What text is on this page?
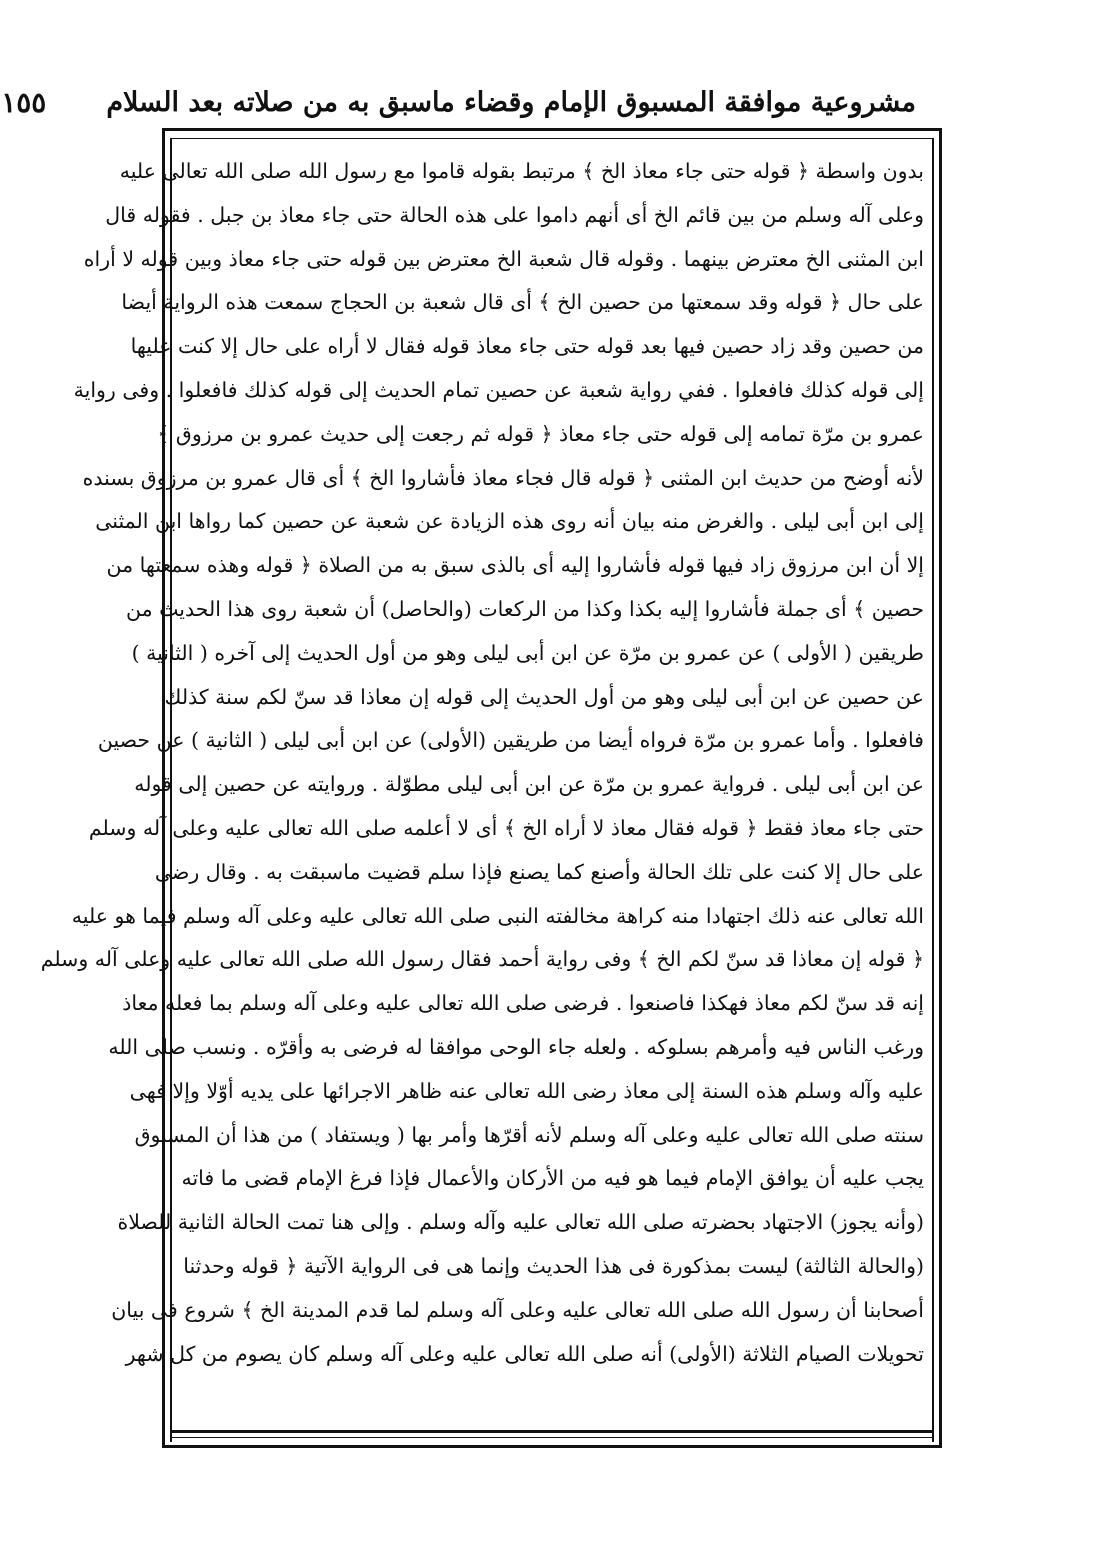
مشروعية موافقة المسبوق الإمام وقضاء ماسبق به من صلاته بعد السلام
١٥٥
بدون واسطة ﴿ قوله حتى جاء معاذ الخ ﴾ مرتبط بقوله قاموا مع رسول الله صلى الله تعالى عليه
وعلى آله وسلم من بين قائم الخ أى أنهم داموا على هذه الحالة حتى جاء معاذ بن جبل . فقوله قال
ابن المثنى الخ معترض بينهما . وقوله قال شعبة الخ معترض بين قوله حتى جاء معاذ وبين قوله لا أراه
على حال ﴿ قوله وقد سمعتها من حصين الخ ﴾ أى قال شعبة بن الحجاج سمعت هذه الرواية أيضا
من حصين وقد زاد حصين فيها بعد قوله حتى جاء معاذ قوله فقال لا أراه على حال إلا كنت عليها
إلى قوله كذلك فافعلوا . ففي رواية شعبة عن حصين تمام الحديث إلى قوله كذلك فافعلوا . وفى رواية
عمرو بن مرّة تمامه إلى قوله حتى جاء معاذ ﴿ قوله ثم رجعت إلى حديث عمرو بن مرزوق ﴾
لأنه أوضح من حديث ابن المثنى ﴿ قوله قال فجاء معاذ فأشاروا الخ ﴾ أى قال عمرو بن مرزوق بسنده
إلى ابن أبى ليلى . والغرض منه بيان أنه روى هذه الزيادة عن شعبة عن حصين كما رواها ابن المثنى
إلا أن ابن مرزوق زاد فيها قوله فأشاروا إليه أى بالذى سبق به من الصلاة ﴿ قوله وهذه سمعتها من
حصين ﴾ أى جملة فأشاروا إليه بكذا وكذا من الركعات (والحاصل) أن شعبة روى هذا الحديث من
طريقين ( الأولى ) عن عمرو بن مرّة عن ابن أبى ليلى وهو من أول الحديث إلى آخره ( الثانية )
عن حصين عن ابن أبى ليلى وهو من أول الحديث إلى قوله إن معاذا قد سنّ لكم سنة كذلك
فافعلوا . وأما عمرو بن مرّة فرواه أيضا من طريقين (الأولى) عن ابن أبى ليلى ( الثانية ) عن حصين
عن ابن أبى ليلى . فرواية عمرو بن مرّة عن ابن أبى ليلى مطوّلة . وروايته عن حصين إلى قوله
حتى جاء معاذ فقط ﴿ قوله فقال معاذ لا أراه الخ ﴾ أى لا أعلمه صلى الله تعالى عليه وعلى آله وسلم
على حال إلا كنت على تلك الحالة وأصنع كما يصنع فإذا سلم قضيت ماسبقت به . وقال رضى
الله تعالى عنه ذلك اجتهادا منه كراهة مخالفته النبى صلى الله تعالى عليه وعلى آله وسلم فيما هو عليه
﴿ قوله إن معاذا قد سنّ لكم الخ ﴾ وفى رواية أحمد فقال رسول الله صلى الله تعالى عليه وعلى آله وسلم
إنه قد سنّ لكم معاذ فهكذا فاصنعوا . فرضى صلى الله تعالى عليه وعلى آله وسلم بما فعله معاذ
ورغب الناس فيه وأمرهم بسلوكه . ولعله جاء الوحى موافقا له فرضى به وأقرّه . ونسب صلى الله
عليه وآله وسلم هذه السنة إلى معاذ رضى الله تعالى عنه ظاهر الاجرائها على يديه أوّلا وإلا فهى
سنته صلى الله تعالى عليه وعلى آله وسلم لأنه أقرّها وأمر بها ( ويستفاد ) من هذا أن المسبوق
يجب عليه أن يوافق الإمام فيما هو فيه من الأركان والأعمال فإذا فرغ الإمام قضى ما فاته
(وأنه يجوز) الاجتهاد بحضرته صلى الله تعالى عليه وآله وسلم . وإلى هنا تمت الحالة الثانية للصلاة
(والحالة الثالثة) ليست بمذكورة فى هذا الحديث وإنما هى فى الرواية الآتية ﴿ قوله وحدثنا
أصحابنا أن رسول الله صلى الله تعالى عليه وعلى آله وسلم لما قدم المدينة الخ ﴾ شروع فى بيان
تحويلات الصيام الثلاثة (الأولى) أنه صلى الله تعالى عليه وعلى آله وسلم كان يصوم من كل شهر
